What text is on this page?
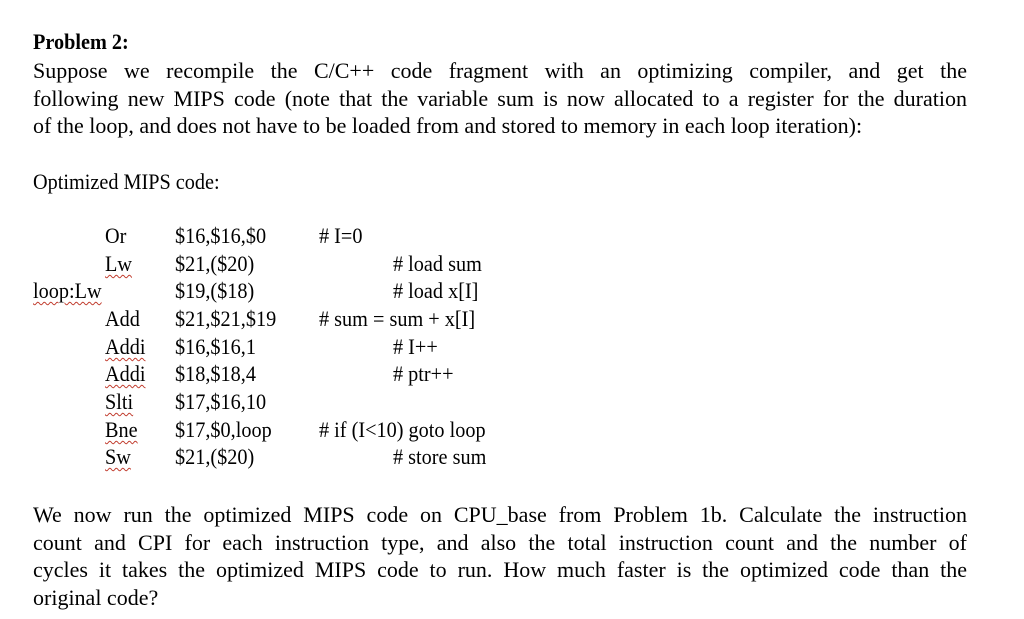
Problem 2:
Suppose we recompile the C/C++ code fragment with an optimizing compiler, and get the
following new MIPS code (note that the variable sum is now allocated to a register for the duration
of the loop, and does not have to be loaded from and stored to memory in each loop iteration):
Optimized MIPS code:
Or $16,$16,$0 # I=0
Lw $21,($20)	# load sum
loop:Lw	$19,($18)	# load x[I]
Add $21,$21,$19 # sum = sum + x[I]
Addi $16,$16,1	# I++
Addi $18,$18,4	# ptr++
Slti $17,$16,10
Bne $17,$0,loop # if (I<10) goto loop
Sw $21,($20)	# store sum
We now run the optimized MIPS code on CPU_base from Problem 1b. Calculate the instruction
count and CPI for each instruction type, and also the total instruction count and the number of
cycles it takes the optimized MIPS code to run. How much faster is the optimized code than the
original code?
